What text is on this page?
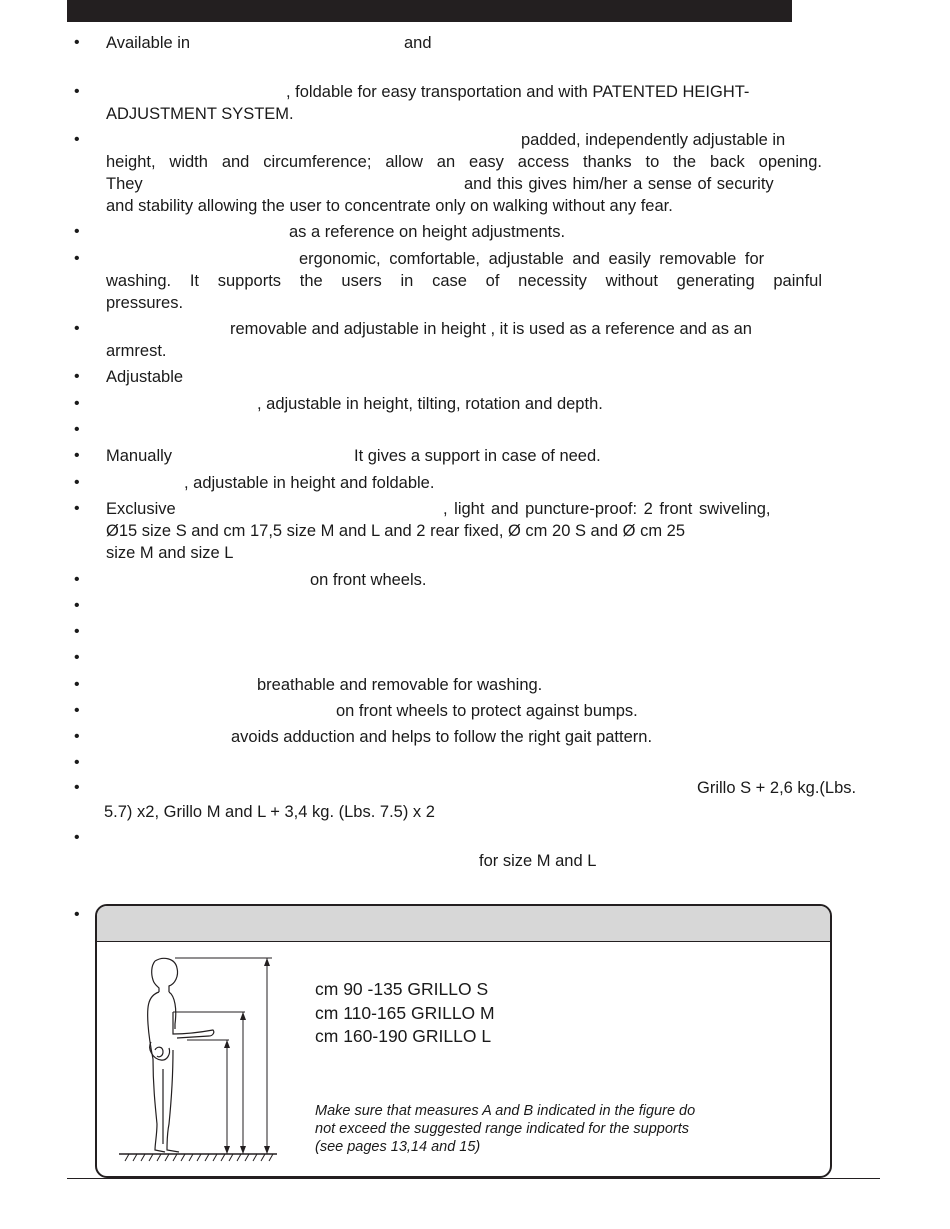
•
•
•
•
•
•
•
•
•
•
•
•
•
•
•
•
•
•
•
•
•
•
•
Available in	and
, foldable for easy transportation and with PATENTED HEIGHT-
ADJUSTMENT SYSTEM.
padded, independently adjustable in
height, width and circumference; allow an easy access thanks to the back opening.
They	and this gives him/her a sense of security
and stability allowing the user to concentrate only on walking without any fear.
as a reference on height adjustments.
ergonomic, comfortable, adjustable and easily removable for
washing. It supports the users in case of necessity without generating painful
pressures.
removable and adjustable in height , it is used as a reference and as an
armrest.
Adjustable
, adjustable in height, tilting, rotation and depth.
Manually	It gives a support in case of need.
, adjustable in height and foldable.
Exclusive	, light and puncture-proof: 2 front swiveling,
Ø15 size S and cm 17,5 size M and L and 2 rear fixed, Ø cm 20 S and Ø cm 25
size M and size L
on front wheels.
breathable and removable for washing.
on front wheels to protect against bumps.
avoids adduction and helps to follow the right gait pattern.
Grillo S + 2,6 kg.(Lbs.
5.7) x2, Grillo M and L + 3,4 kg. (Lbs. 7.5) x 2
for size M and L
cm 90 -135 GRILLO S
cm 110-165 GRILLO M
cm 160-190 GRILLO L
Make sure that measures A and B indicated in the figure do
not exceed the suggested range indicated for the supports
(see pages 13,14 and 15)
